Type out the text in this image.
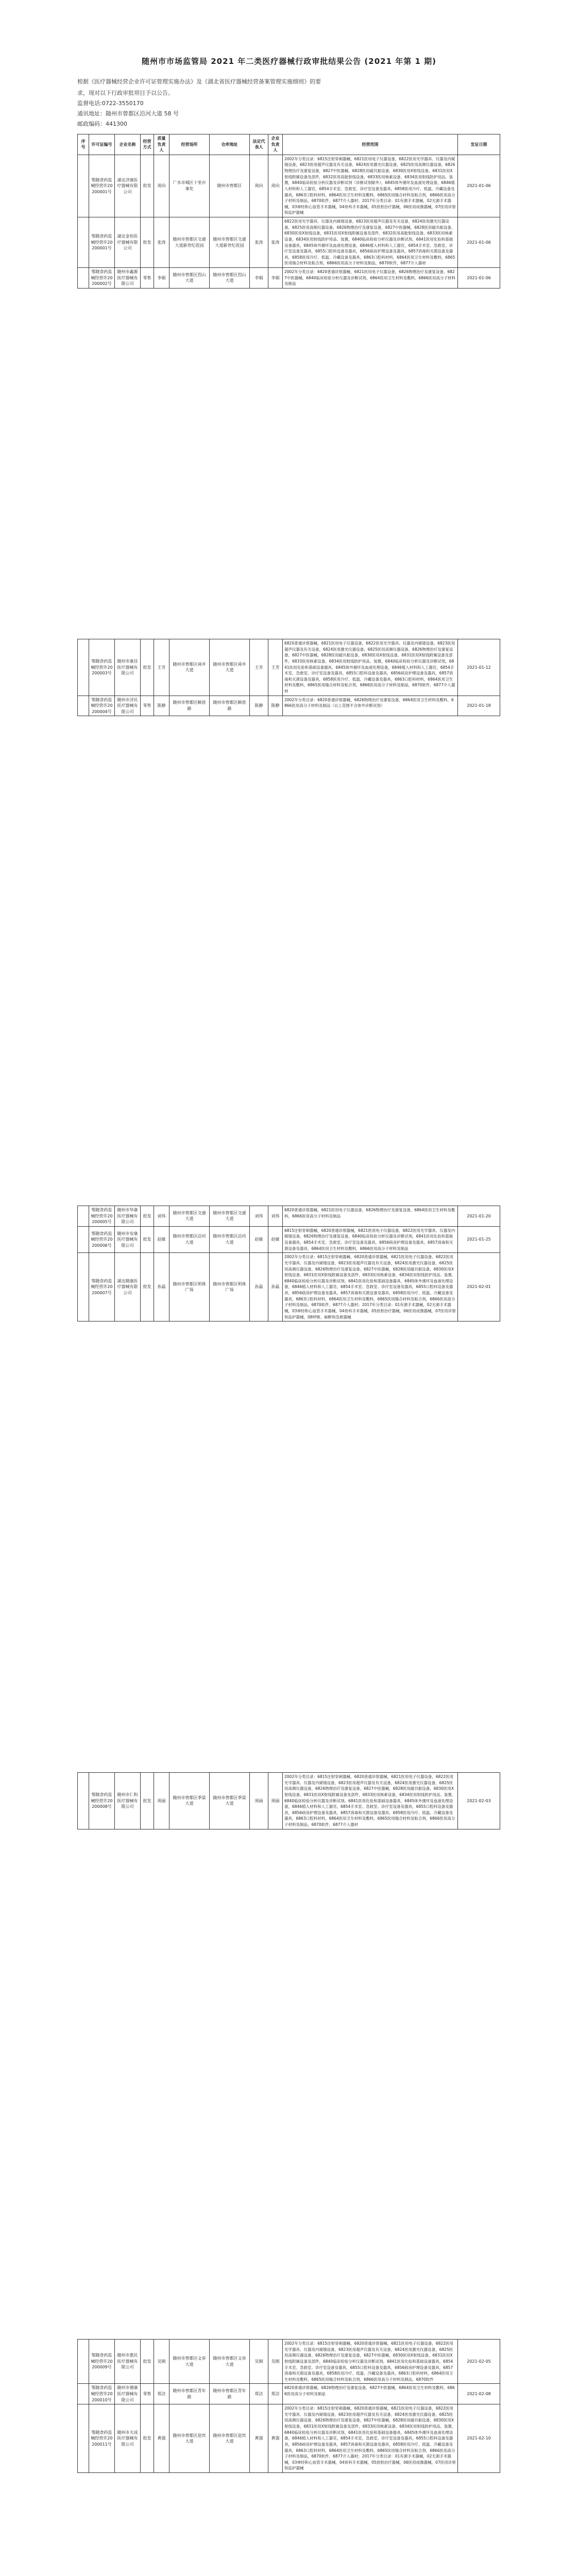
随州市市场监管局 2021 年二类医疗器械行政审批结果公告 (2021 年第 1 期)
根据《医疗器械经营企业许可证管理实施办法》及《湖北省医疗器械经营备案管理实施细则》的要
求，现对以下行政审批项目予以公告。
监督电话:0722-3550170
通讯地址：随州市曾都区沿河大道 58 号
邮政编码：441300
序号	许可证编号	企业名称	经营方式	质量负责人	经营场所	仓库地址	法定代表人	企业负责人	经营范围	发证日期
	鄂随食药监械经营许20200001号	湖北济康医疗器械有限公司	批发	周向	广水市城区十里办事处	随州市曾都区	周向	周向	2002年分类目录：6815注射穿刺器械，6821医用电子仪器设备，6822医用光学器具、仪器及内窥镜设备，6823医用超声仪器及有关设备，6824医用激光仪器设备，6825医用高频仪器设备，6826物理治疗及康复设备，6827中医器械，6828医用磁共振设备，6830医用X射线设备，6831医用X射线附属设备及部件，6832医用高能射线设备，6833医用核素设备，6834医用射线防护用品、装置，6840临床检验分析仪器及诊断试剂（诊断试剂除外），6845体外循环及血液处理设备，6846植入材料和人工器官，6854手术室、急救室、诊疗室设备及器具，6858医用冷疗、低温、冷藏设备及器具，6863口腔科材料，6864医用卫生材料及敷料，6865医用缝合材料及粘合剂，6866医用高分子材料及制品，6870软件，6877介入器材；2017年分类目录：01有源手术器械，02无源手术器械，03神经和心血管手术器械，04骨科手术器械，05放射治疗器械，06医用成像器械，07医用诊察和监护器械	2021-01-06
	鄂随食药监械经营许20200001号	湖北金恒医疗器械有限公司	批发	张涛	随州市曾都区交通大道新世纪花园	随州市曾都区交通大道新世纪花园	张涛	张涛	6822医用光学器具、仪器及内窥镜设备，6823医用超声仪器及有关设备，6824医用激光仪器设备，6825医用高频仪器设备，6826物理治疗及康复设备，6827中医器械，6828医用磁共振设备，6830医用X射线设备，6831医用X射线附属设备及部件，6832医用高能射线设备，6833医用核素设备，6834医用射线防护用品、装置，6840临床检验分析仪器及诊断试剂，6841医用化验和基础设备器具，6845体外循环及血液处理设备，6846植入材料和人工器官，6854手术室、急救室、诊疗室设备及器具，6855口腔科设备及器具，6856病房护理设备及器具，6857消毒和灭菌设备及器具，6858医用冷疗、低温、冷藏设备及器具，6863口腔科材料，6864医用卫生材料及敷料，6865医用缝合材料及粘合剂，6866医用高分子材料及制品，6870软件，6877介入器材	2021-01-06
	鄂随食药监械经营许20200002号	随州市鑫源医疗器械有限公司	零售	李娟	随州市曾都区烈山大道	随州市曾都区烈山大道	李娟	李娟	2002年分类目录：6820普通诊察器械，6821医用电子仪器设备，6826物理治疗及康复设备，6827中医器械，6840临床检验分析仪器及诊断试剂，6864医用卫生材料及敷料，6866医用高分子材料及制品	2021-01-06
	鄂随食药监械经营许20200003号	随州市康佳医疗器械有限公司	批发	王芳	随州市曾都区舜井大道	随州市曾都区舜井大道	王芳	王芳	6820普通诊察器械，6821医用电子仪器设备，6822医用光学器具、仪器及内窥镜设备，6823医用超声仪器及有关设备，6824医用激光仪器设备，6825医用高频仪器设备，6826物理治疗及康复设备，6827中医器械，6828医用磁共振设备，6830医用X射线设备，6831医用X射线附属设备及部件，6833医用核素设备，6834医用射线防护用品、装置，6840临床检验分析仪器及诊断试剂，6841医用化验和基础设备器具，6845体外循环及血液处理设备，6846植入材料和人工器官，6854手术室、急救室、诊疗室设备及器具，6855口腔科设备及器具，6856病房护理设备及器具，6857消毒和灭菌设备及器具，6858医用冷疗、低温、冷藏设备及器具，6863口腔科材料，6864医用卫生材料及敷料，6865医用缝合材料及粘合剂，6866医用高分子材料及制品，6870软件，6877介入器材	2021-01-12
	鄂随食药监械经营许20200004号	随州市济民医疗器械有限公司	零售	陈静	随州市曾都区解放路	随州市曾都区解放路	陈静	陈静	2002年分类目录：6820普通诊察器械，6826物理治疗及康复设备，6864医用卫生材料及敷料，6866医用高分子材料及制品（以上范围不含体外诊断试剂）	2021-01-18
	鄂随食药监械经营许20200005号	随州市华康医疗器械有限公司	批发	刘伟	随州市曾都区交通大道	随州市曾都区交通大道	刘伟	刘伟	6820普通诊察器械，6821医用电子仪器设备，6826物理治疗及康复设备，6864医用卫生材料及敷料，6866医用高分子材料及制品	2021-01-20
	鄂随食药监械经营许20200006号	随州市安康医疗器械有限公司	批发	赵敏	随州市曾都区沿河大道	随州市曾都区沿河大道	赵敏	赵敏	6815注射穿刺器械，6820普通诊察器械，6821医用电子仪器设备，6822医用光学器具、仪器及内窥镜设备，6826物理治疗及康复设备，6840临床检验分析仪器及诊断试剂，6841医用化验和基础设备器具，6854手术室、急救室、诊疗室设备及器具，6856病房护理设备及器具，6857消毒和灭菌设备及器具，6864医用卫生材料及敷料，6866医用高分子材料及制品	2021-01-25
	鄂随食药监械经营许20200007号	湖北随康医疗器械有限公司	批发	孙磊	随州市曾都区明珠广场	随州市曾都区明珠广场	孙磊	孙磊	2002年分类目录：6815注射穿刺器械，6820普通诊察器械，6821医用电子仪器设备，6822医用光学器具、仪器及内窥镜设备，6823医用超声仪器及有关设备，6824医用激光仪器设备，6825医用高频仪器设备，6826物理治疗及康复设备，6827中医器械，6828医用磁共振设备，6830医用X射线设备，6831医用X射线附属设备及部件，6833医用核素设备，6834医用射线防护用品、装置，6840临床检验分析仪器及诊断试剂，6841医用化验和基础设备器具，6845体外循环及血液处理设备，6846植入材料和人工器官，6854手术室、急救室、诊疗室设备及器具，6855口腔科设备及器具，6856病房护理设备及器具，6857消毒和灭菌设备及器具，6858医用冷疗、低温、冷藏设备及器具，6863口腔科材料，6864医用卫生材料及敷料，6865医用缝合材料及粘合剂，6866医用高分子材料及制品，6870软件，6877介入器材；2017年分类目录：01有源手术器械，02无源手术器械，03神经和心血管手术器械，04骨科手术器械，05放射治疗器械，06医用成像器械，07医用诊察和监护器械，08呼吸、麻醉和急救器械	2021-02-01
	鄂随食药监械经营许20200008号	随州市仁和医疗器械有限公司	批发	周丽	随州市曾都区季梁大道	随州市曾都区季梁大道	周丽	周丽	2002年分类目录：6815注射穿刺器械，6820普通诊察器械，6821医用电子仪器设备，6822医用光学器具、仪器及内窥镜设备，6823医用超声仪器及有关设备，6824医用激光仪器设备，6825医用高频仪器设备，6826物理治疗及康复设备，6827中医器械，6828医用磁共振设备，6830医用X射线设备，6831医用X射线附属设备及部件，6833医用核素设备，6834医用射线防护用品、装置，6840临床检验分析仪器及诊断试剂，6841医用化验和基础设备器具，6845体外循环及血液处理设备，6846植入材料和人工器官，6854手术室、急救室、诊疗室设备及器具，6855口腔科设备及器具，6856病房护理设备及器具，6857消毒和灭菌设备及器具，6858医用冷疗、低温、冷藏设备及器具，6863口腔科材料，6864医用卫生材料及敷料，6865医用缝合材料及粘合剂，6866医用高分子材料及制品，6870软件，6877介入器材	2021-02-03
	鄂随食药监械经营许20200009号	随州市惠民医疗器械有限公司	批发	吴刚	随州市曾都区文帝大道	随州市曾都区文帝大道	吴刚	吴刚	2002年分类目录：6815注射穿刺器械，6820普通诊察器械，6821医用电子仪器设备，6822医用光学器具、仪器及内窥镜设备，6823医用超声仪器及有关设备，6824医用激光仪器设备，6825医用高频仪器设备，6826物理治疗及康复设备，6827中医器械，6830医用X射线设备，6831医用X射线附属设备及部件，6840临床检验分析仪器及诊断试剂，6841医用化验和基础设备器具，6854手术室、急救室、诊疗室设备及器具，6855口腔科设备及器具，6856病房护理设备及器具，6857消毒和灭菌设备及器具，6858医用冷疗、低温、冷藏设备及器具，6863口腔科材料，6864医用卫生材料及敷料，6865医用缝合材料及粘合剂，6866医用高分子材料及制品，6870软件	2021-02-05
	鄂随食药监械经营许20200010号	随州市德康医疗器械有限公司	零售	郑洁	随州市曾都区青年路	随州市曾都区青年路	郑洁	郑洁	6820普通诊察器械，6826物理治疗及康复设备，6827中医器械，6864医用卫生材料及敷料，6866医用高分子材料及制品	2021-02-08
	鄂随食药监械经营许20200011号	随州市天成医疗器械有限公司	批发	黄强	随州市曾都区迎宾大道	随州市曾都区迎宾大道	黄强	黄强	2002年分类目录：6815注射穿刺器械，6820普通诊察器械，6821医用电子仪器设备，6822医用光学器具、仪器及内窥镜设备，6823医用超声仪器及有关设备，6824医用激光仪器设备，6825医用高频仪器设备，6826物理治疗及康复设备，6827中医器械，6828医用磁共振设备，6830医用X射线设备，6831医用X射线附属设备及部件，6833医用核素设备，6834医用射线防护用品、装置，6840临床检验分析仪器及诊断试剂，6841医用化验和基础设备器具，6845体外循环及血液处理设备，6846植入材料和人工器官，6854手术室、急救室、诊疗室设备及器具，6855口腔科设备及器具，6856病房护理设备及器具，6857消毒和灭菌设备及器具，6858医用冷疗、低温、冷藏设备及器具，6863口腔科材料，6864医用卫生材料及敷料，6865医用缝合材料及粘合剂，6866医用高分子材料及制品，6870软件，6877介入器材；2017年分类目录：01有源手术器械，02无源手术器械，03神经和心血管手术器械，04骨科手术器械，05放射治疗器械，06医用成像器械，07医用诊察和监护器械	2021-02-10
